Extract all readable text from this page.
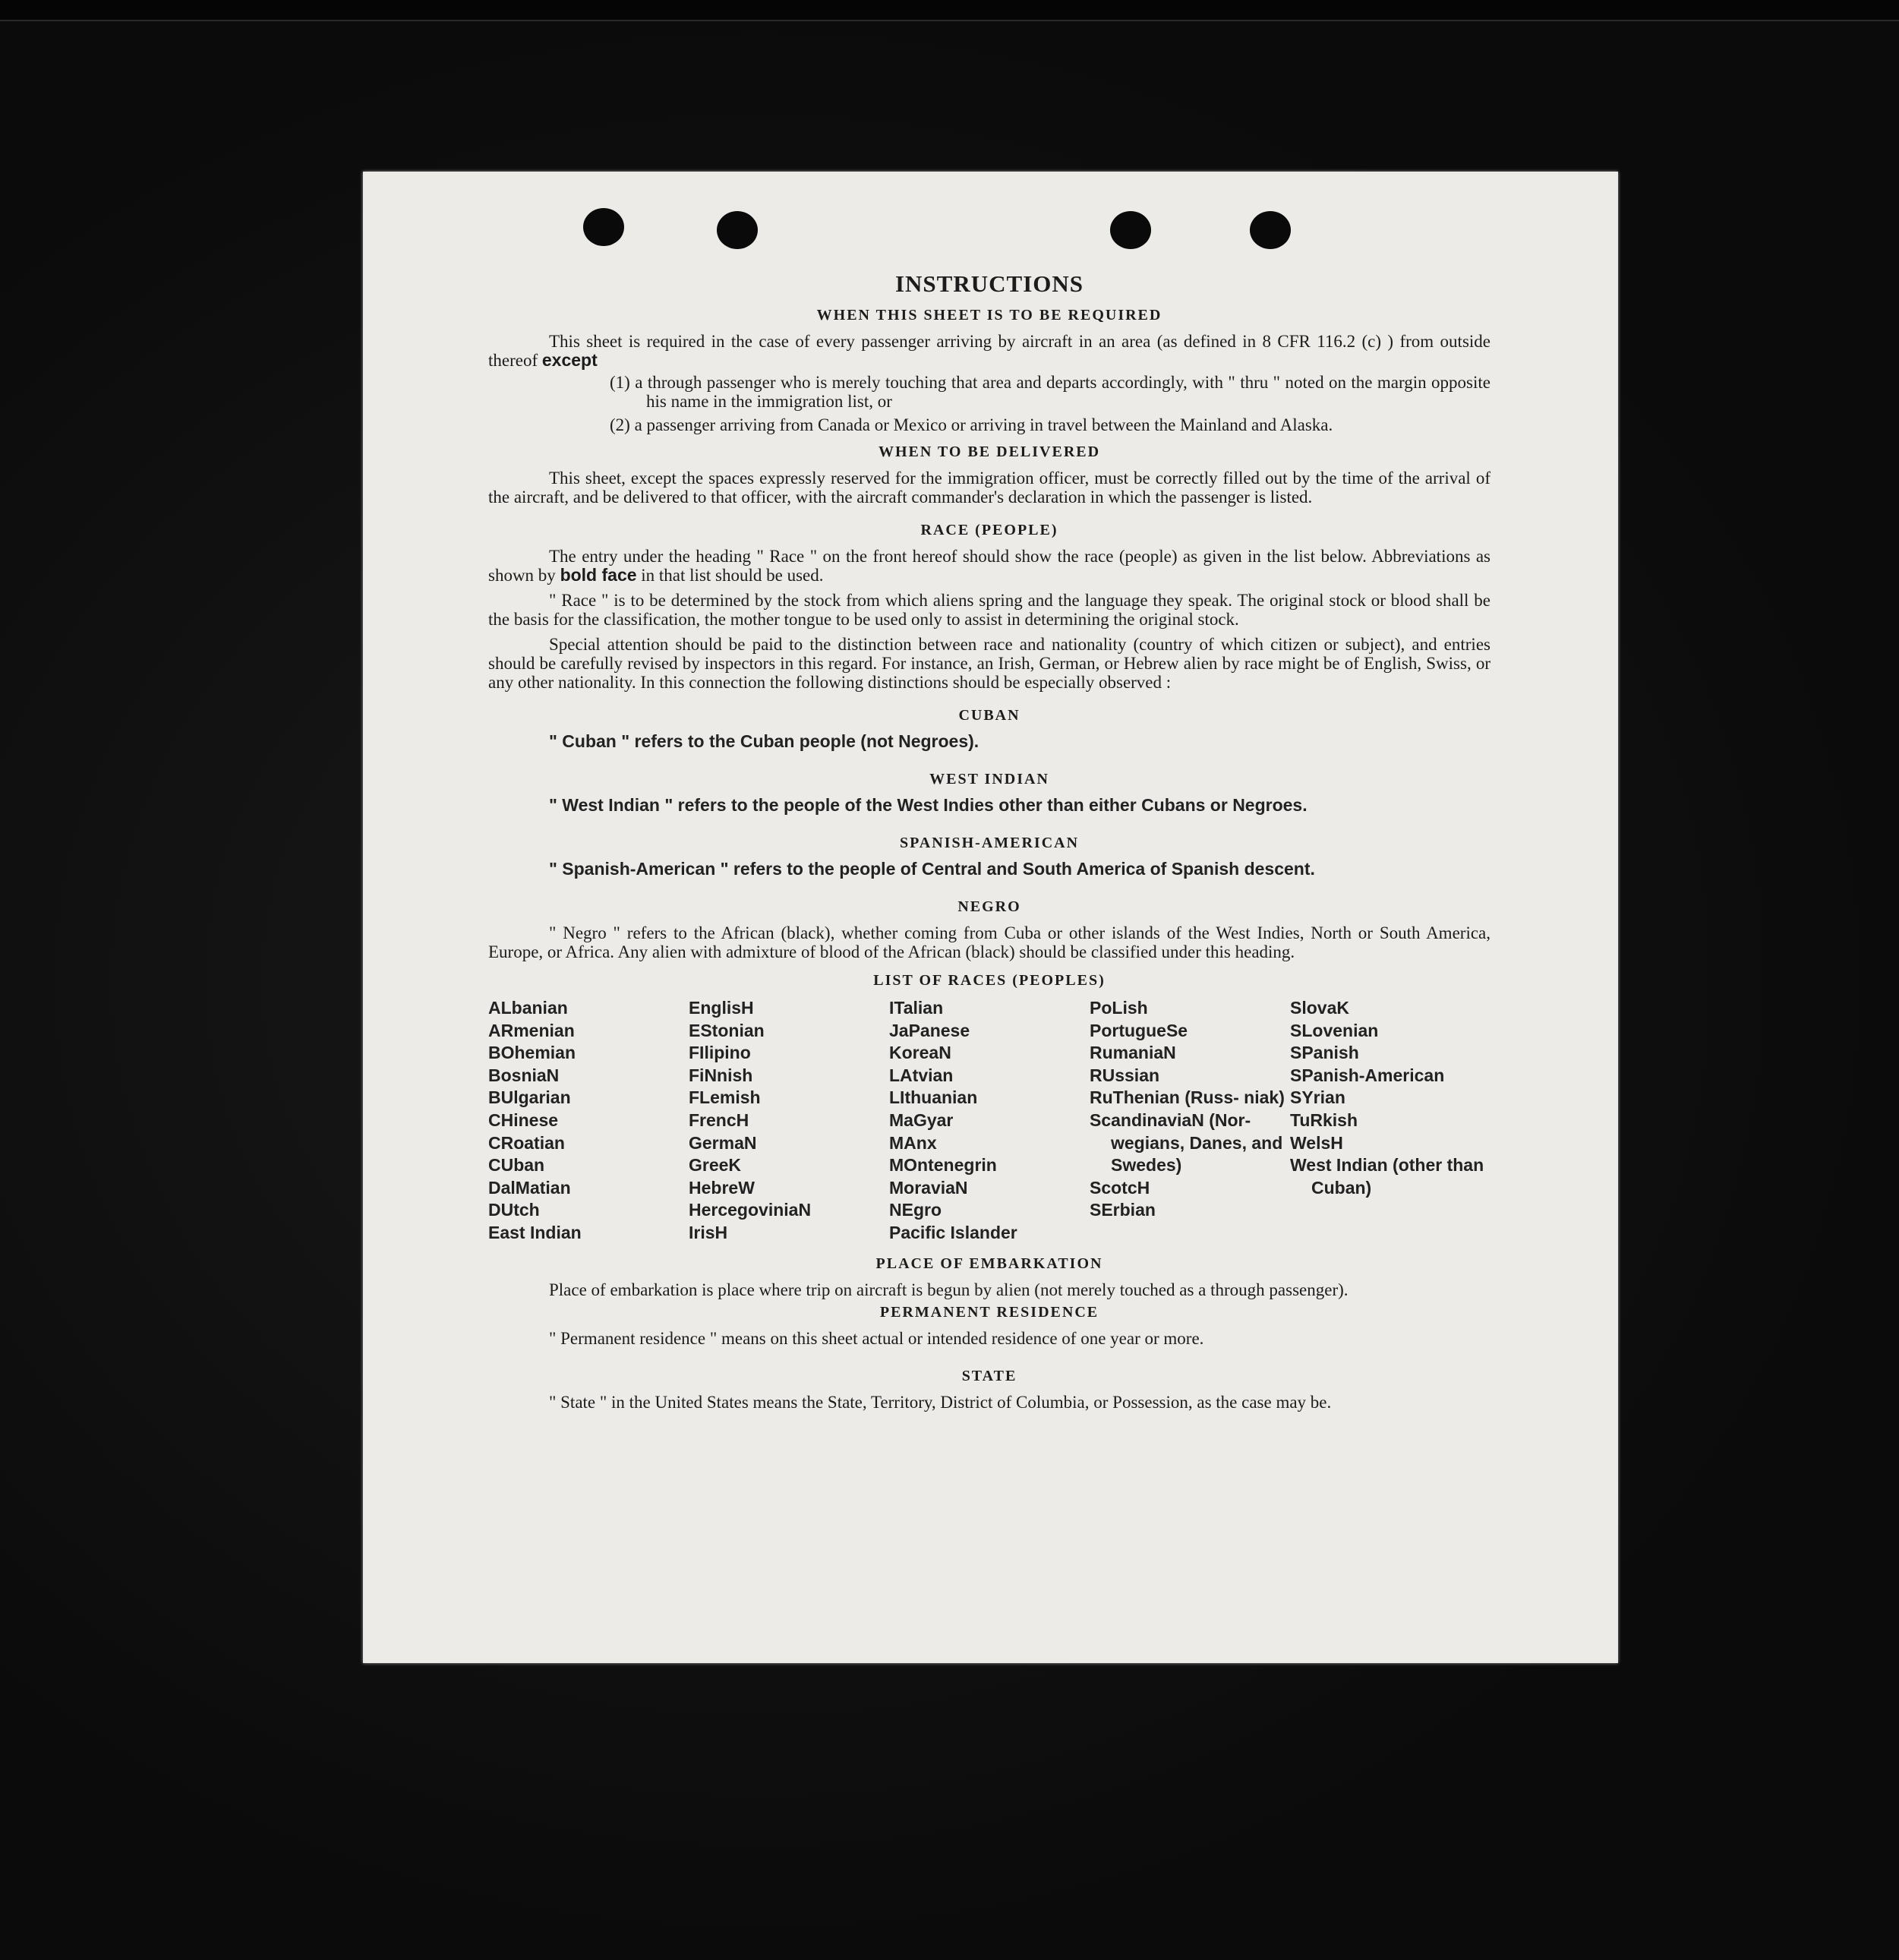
INSTRUCTIONS
WHEN THIS SHEET IS TO BE REQUIRED

This sheet is required in the case of every passenger arriving by aircraft in an area (as defined in 8 CFR 116.2 (c) ) from outside thereof except

(1) a through passenger who is merely touching that area and departs accordingly, with " thru " noted on the margin opposite his name in the immigration list, or
(2) a passenger arriving from Canada or Mexico or arriving in travel between the Mainland and Alaska.
WHEN TO BE DELIVERED

This sheet, except the spaces expressly reserved for the immigration officer, must be correctly filled out by the time of the arrival of the aircraft, and be delivered to that officer, with the aircraft commander's declaration in which the passenger is listed.

RACE (PEOPLE)

The entry under the heading " Race " on the front hereof should show the race (people) as given in the list below. Abbreviations as shown by bold face in that list should be used.

" Race " is to be determined by the stock from which aliens spring and the language they speak. The original stock or blood shall be the basis for the classification, the mother tongue to be used only to assist in determining the original stock.

Special attention should be paid to the distinction between race and nationality (country of which citizen or subject), and entries should be carefully revised by inspectors in this regard. For instance, an Irish, German, or Hebrew alien by race might be of English, Swiss, or any other nationality. In this connection the following distinctions should be especially observed :

CUBAN
" Cuban " refers to the Cuban people (not Negroes).
WEST INDIAN
" West Indian " refers to the people of the West Indies other than either Cubans or Negroes.
SPANISH-AMERICAN
" Spanish-American " refers to the people of Central and South America of Spanish descent.
NEGRO

" Negro " refers to the African (black), whether coming from Cuba or other islands of the West Indies, North or South America, Europe, or Africa. Any alien with admixture of blood of the African (black) should be classified under this heading.

LIST OF RACES (PEOPLES)
ALbanian
ARmenian
BOhemian
BosniaN
BUlgarian
CHinese
CRoatian
CUban
DalMatian
DUtch
East Indian
EnglisH
EStonian
FIlipino
FiNnish
FLemish
FrencH
GermaN
GreeK
HebreW
HercegoviniaN
IrisH
ITalian
JaPanese
KoreaN
LAtvian
LIthuanian
MaGyar
MAnx
MOntenegrin
MoraviaN
NEgro
Pacific Islander
PoLish
PortugueSe
RumaniaN
RUssian
RuThenian (Russ- niak)
ScandinaviaN (Nor- wegians, Danes, and Swedes)
ScotcH
SErbian
SlovaK
SLovenian
SPanish
SPanish-American
SYrian
TuRkish
WelsH
West Indian (other than Cuban)
PLACE OF EMBARKATION

Place of embarkation is place where trip on aircraft is begun by alien (not merely touched as a through passenger).

PERMANENT RESIDENCE

" Permanent residence " means on this sheet actual or intended residence of one year or more.

STATE

" State " in the United States means the State, Territory, District of Columbia, or Possession, as the case may be.
